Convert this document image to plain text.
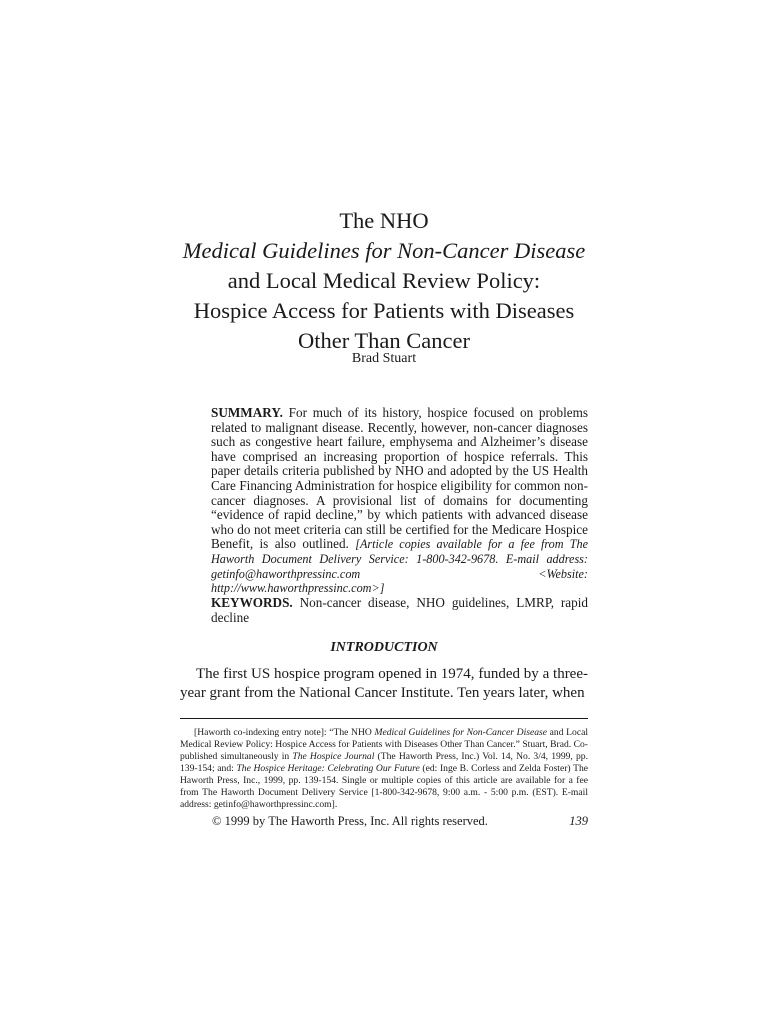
The NHO
Medical Guidelines for Non-Cancer Disease
and Local Medical Review Policy:
Hospice Access for Patients with Diseases
Other Than Cancer
Brad Stuart
SUMMARY. For much of its history, hospice focused on problems related to malignant disease. Recently, however, non-cancer diagnoses such as congestive heart failure, emphysema and Alzheimer’s disease have comprised an increasing proportion of hospice referrals. This paper details criteria published by NHO and adopted by the US Health Care Financing Administration for hospice eligibility for common non-cancer diagnoses. A provisional list of domains for documenting “evidence of rapid decline,” by which patients with advanced disease who do not meet criteria can still be certified for the Medicare Hospice Benefit, is also outlined. [Article copies available for a fee from The Haworth Document Delivery Service: 1-800-342-9678. E-mail address: getinfo@haworthpressinc.com <Website: http://www.haworthpressinc.com>]
KEYWORDS. Non-cancer disease, NHO guidelines, LMRP, rapid decline
INTRODUCTION
The first US hospice program opened in 1974, funded by a three-year grant from the National Cancer Institute. Ten years later, when
[Haworth co-indexing entry note]: “The NHO Medical Guidelines for Non-Cancer Disease and Local Medical Review Policy: Hospice Access for Patients with Diseases Other Than Cancer.” Stuart, Brad. Co-published simultaneously in The Hospice Journal (The Haworth Press, Inc.) Vol. 14, No. 3/4, 1999, pp. 139-154; and: The Hospice Heritage: Celebrating Our Future (ed: Inge B. Corless and Zelda Foster) The Haworth Press, Inc., 1999, pp. 139-154. Single or multiple copies of this article are available for a fee from The Haworth Document Delivery Service [1-800-342-9678, 9:00 a.m. - 5:00 p.m. (EST). E-mail address: getinfo@haworthpressinc.com].
© 1999 by The Haworth Press, Inc. All rights reserved.	139
